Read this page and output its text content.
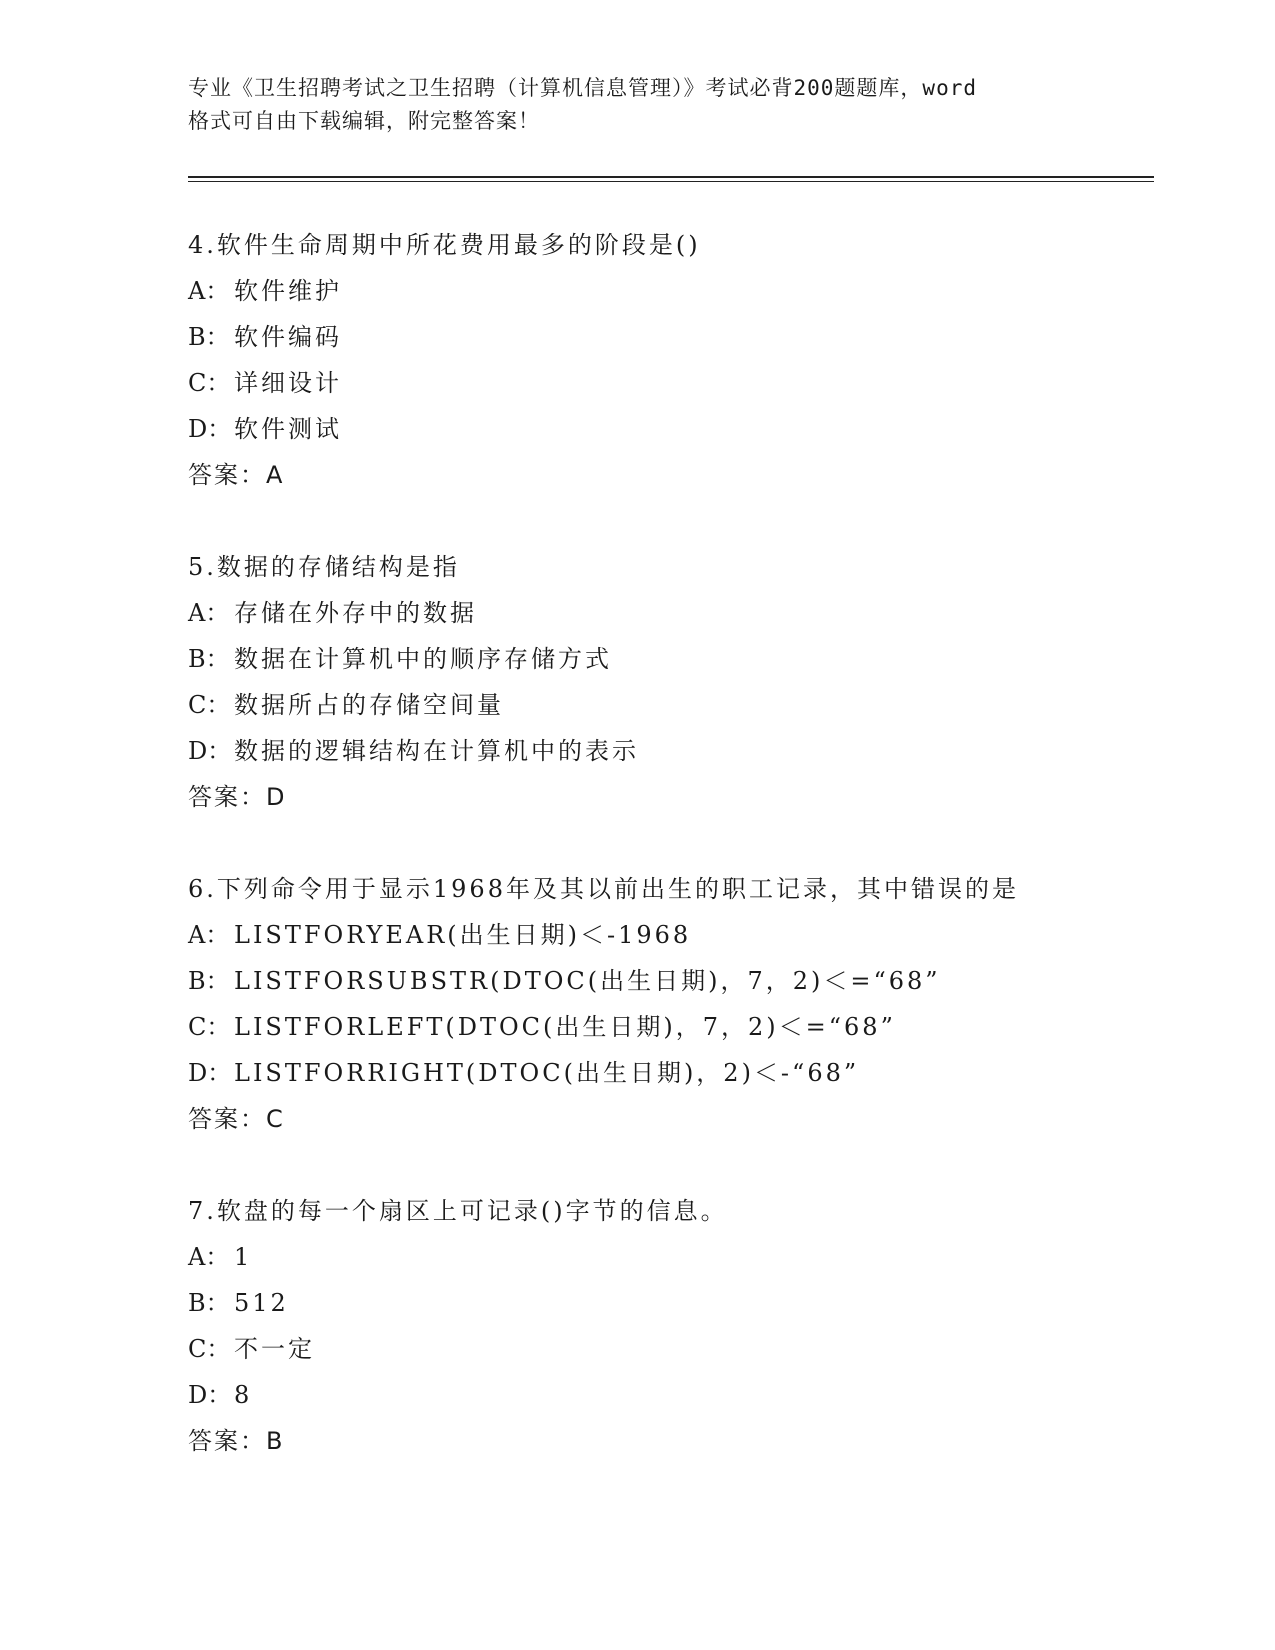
专业《卫生招聘考试之卫生招聘（计算机信息管理）》考试必背200题题库，word
格式可自由下载编辑，附完整答案！
4.软件生命周期中所花费用最多的阶段是()
A： 软件维护
B： 软件编码
C： 详细设计
D： 软件测试
答案：A
5.数据的存储结构是指
A： 存储在外存中的数据
B： 数据在计算机中的顺序存储方式
C： 数据所占的存储空间量
D： 数据的逻辑结构在计算机中的表示
答案：D
6.下列命令用于显示1968年及其以前出生的职工记录，其中错误的是
A： LISTFORYEAR(出生日期)＜-1968
B： LISTFORSUBSTR(DTOC(出生日期)，7，2)＜=“68”
C： LISTFORLEFT(DTOC(出生日期)，7，2)＜=“68”
D： LISTFORRIGHT(DTOC(出生日期)，2)＜-“68”
答案：C
7.软盘的每一个扇区上可记录()字节的信息。
A： 1
B： 512
C： 不一定
D： 8
答案：B
